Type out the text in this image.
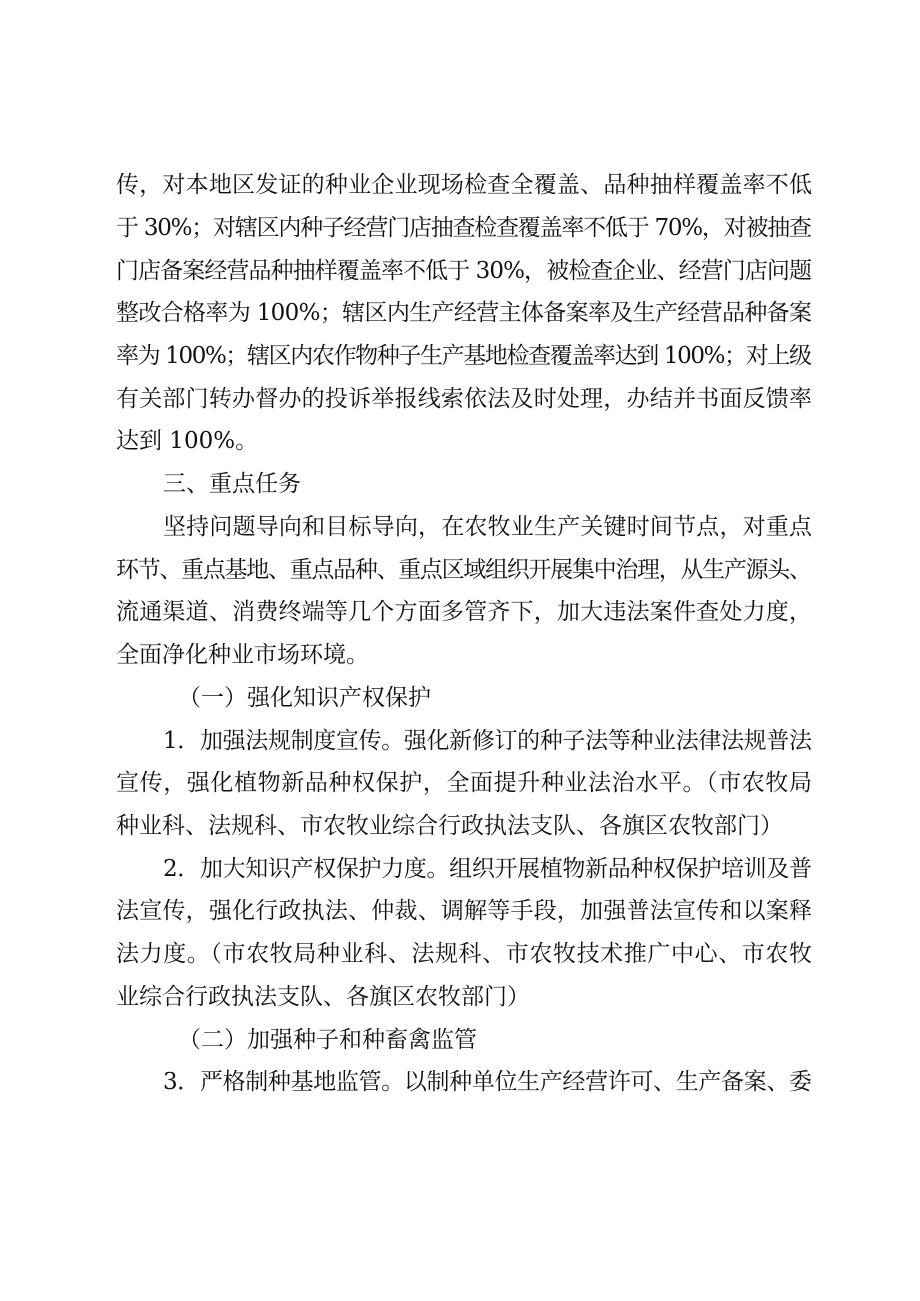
传，对本地区发证的种业企业现场检查全覆盖、品种抽样覆盖率不低
于 30%；对辖区内种子经营门店抽查检查覆盖率不低于 70%，对被抽查
门店备案经营品种抽样覆盖率不低于 30%，被检查企业、经营门店问题
整改合格率为 100%；辖区内生产经营主体备案率及生产经营品种备案
率为 100%；辖区内农作物种子生产基地检查覆盖率达到 100%；对上级
有关部门转办督办的投诉举报线索依法及时处理，办结并书面反馈率
达到 100%。
三、重点任务
坚持问题导向和目标导向，在农牧业生产关键时间节点，对重点
环节、重点基地、重点品种、重点区域组织开展集中治理，从生产源头、
流通渠道、消费终端等几个方面多管齐下，加大违法案件查处力度，
全面净化种业市场环境。
（一）强化知识产权保护
1．加强法规制度宣传。强化新修订的种子法等种业法律法规普法
宣传，强化植物新品种权保护，全面提升种业法治水平。（市农牧局
种业科、法规科、市农牧业综合行政执法支队、各旗区农牧部门）
2．加大知识产权保护力度。组织开展植物新品种权保护培训及普
法宣传，强化行政执法、仲裁、调解等手段，加强普法宣传和以案释
法力度。（市农牧局种业科、法规科、市农牧技术推广中心、市农牧
业综合行政执法支队、各旗区农牧部门）
（二）加强种子和种畜禽监管
3．严格制种基地监管。以制种单位生产经营许可、生产备案、委
